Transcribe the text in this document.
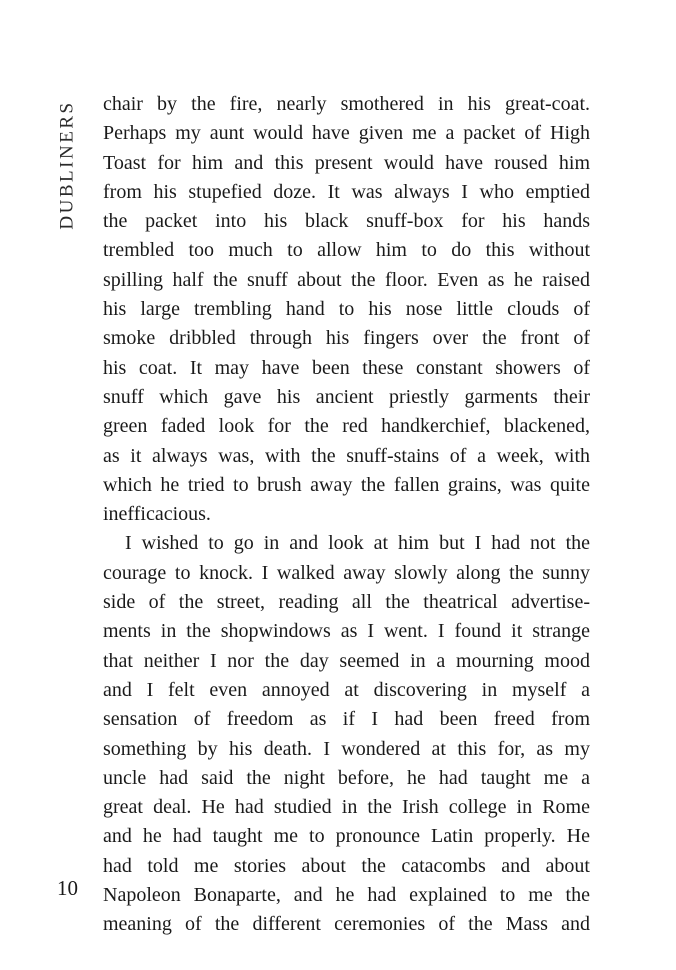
DUBLINERS chair by the fire, nearly smothered in his great-coat.
Perhaps my aunt would have given me a packet of High
Toast for him and this present would have roused him
from his stupefied doze. It was always I who emptied
the packet into his black snuff-box for his hands
trembled too much to allow him to do this without
spilling half the snuff about the floor. Even as he raised
his large trembling hand to his nose little clouds of
smoke dribbled through his fingers over the front of
his coat. It may have been these constant showers of
snuff which gave his ancient priestly garments their
green faded look for the red handkerchief, blackened,
as it always was, with the snuff-stains of a week, with
which he tried to brush away the fallen grains, was quite
inefficacious.
I wished to go in and look at him but I had not the
courage to knock. I walked away slowly along the sunny
side of the street, reading all the theatrical advertise-
ments in the shopwindows as I went. I found it strange
that neither I nor the day seemed in a mourning mood
and I felt even annoyed at discovering in myself a
sensation of freedom as if I had been freed from
something by his death. I wondered at this for, as my
uncle had said the night before, he had taught me a
great deal. He had studied in the Irish college in Rome
and he had taught me to pronounce Latin properly. He
had told me stories about the catacombs and about
Napoleon Bonaparte, and he had explained to me the
meaning of the different ceremonies of the Mass and
10
